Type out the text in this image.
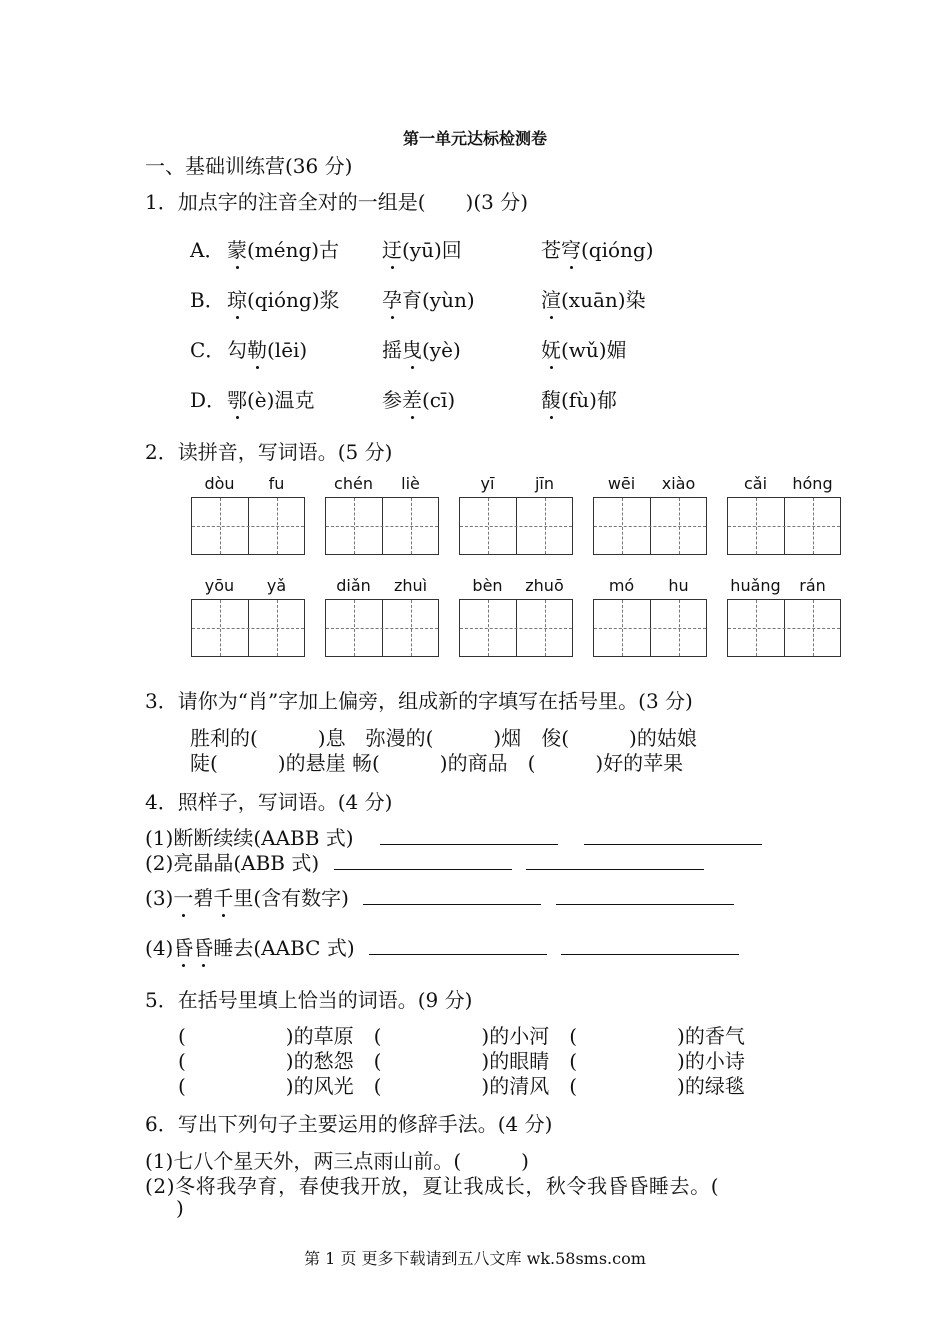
第一单元达标检测卷
一、基础训练营(36 分)
1．加点字的注音全对的一组是(　　)(3 分)
A． 蒙(méng)古 迂(yū)回	苍穹(qióng)
B． 琼(qióng)浆 孕育(yùn)	渲(xuān)染
C． 勾勒(lēi)	摇曳(yè)	妩(wǔ)媚
D． 鄂(è)温克	参差(cī)	馥(fù)郁
2．读拼音，写词语。(5 分)
dòu	fu	chén	liè	yī	jīn	wēi	xiào	cǎi	hóng
yōu	yǎ	diǎn	zhuì	bèn	zhuō	mó	hu	huǎng	rán
3．请你为“肖”字加上偏旁，组成新的字填写在括号里。(3 分)
胜利的(　　　)息　弥漫的(　　　)烟　俊(　　　)的姑娘
陡(　　　)的悬崖 畅(　　　)的商品　(　　　)好的苹果
4．照样子，写词语。(4 分)
(1)断断续续(AABB 式)
(2)亮晶晶(ABB 式)
(3)一碧千里(含有数字)
(4)昏昏睡去(AABC 式)
5．在括号里填上恰当的词语。(9 分)
(　　　　　)的草原　(　　　　　)的小河　(　　　　　)的香气
(　　　　　)的愁怨　(　　　　　)的眼睛　(　　　　　)的小诗
(　　　　　)的风光　(　　　　　)的清风　(　　　　　)的绿毯
6．写出下列句子主要运用的修辞手法。(4 分)
(1)七八个星天外，两三点雨山前。(　　　)
(2)冬将我孕育，春使我开放，夏让我成长，秋令我昏昏睡去。(
)
第 1 页 更多下载请到五八文库 wk.58sms.com
